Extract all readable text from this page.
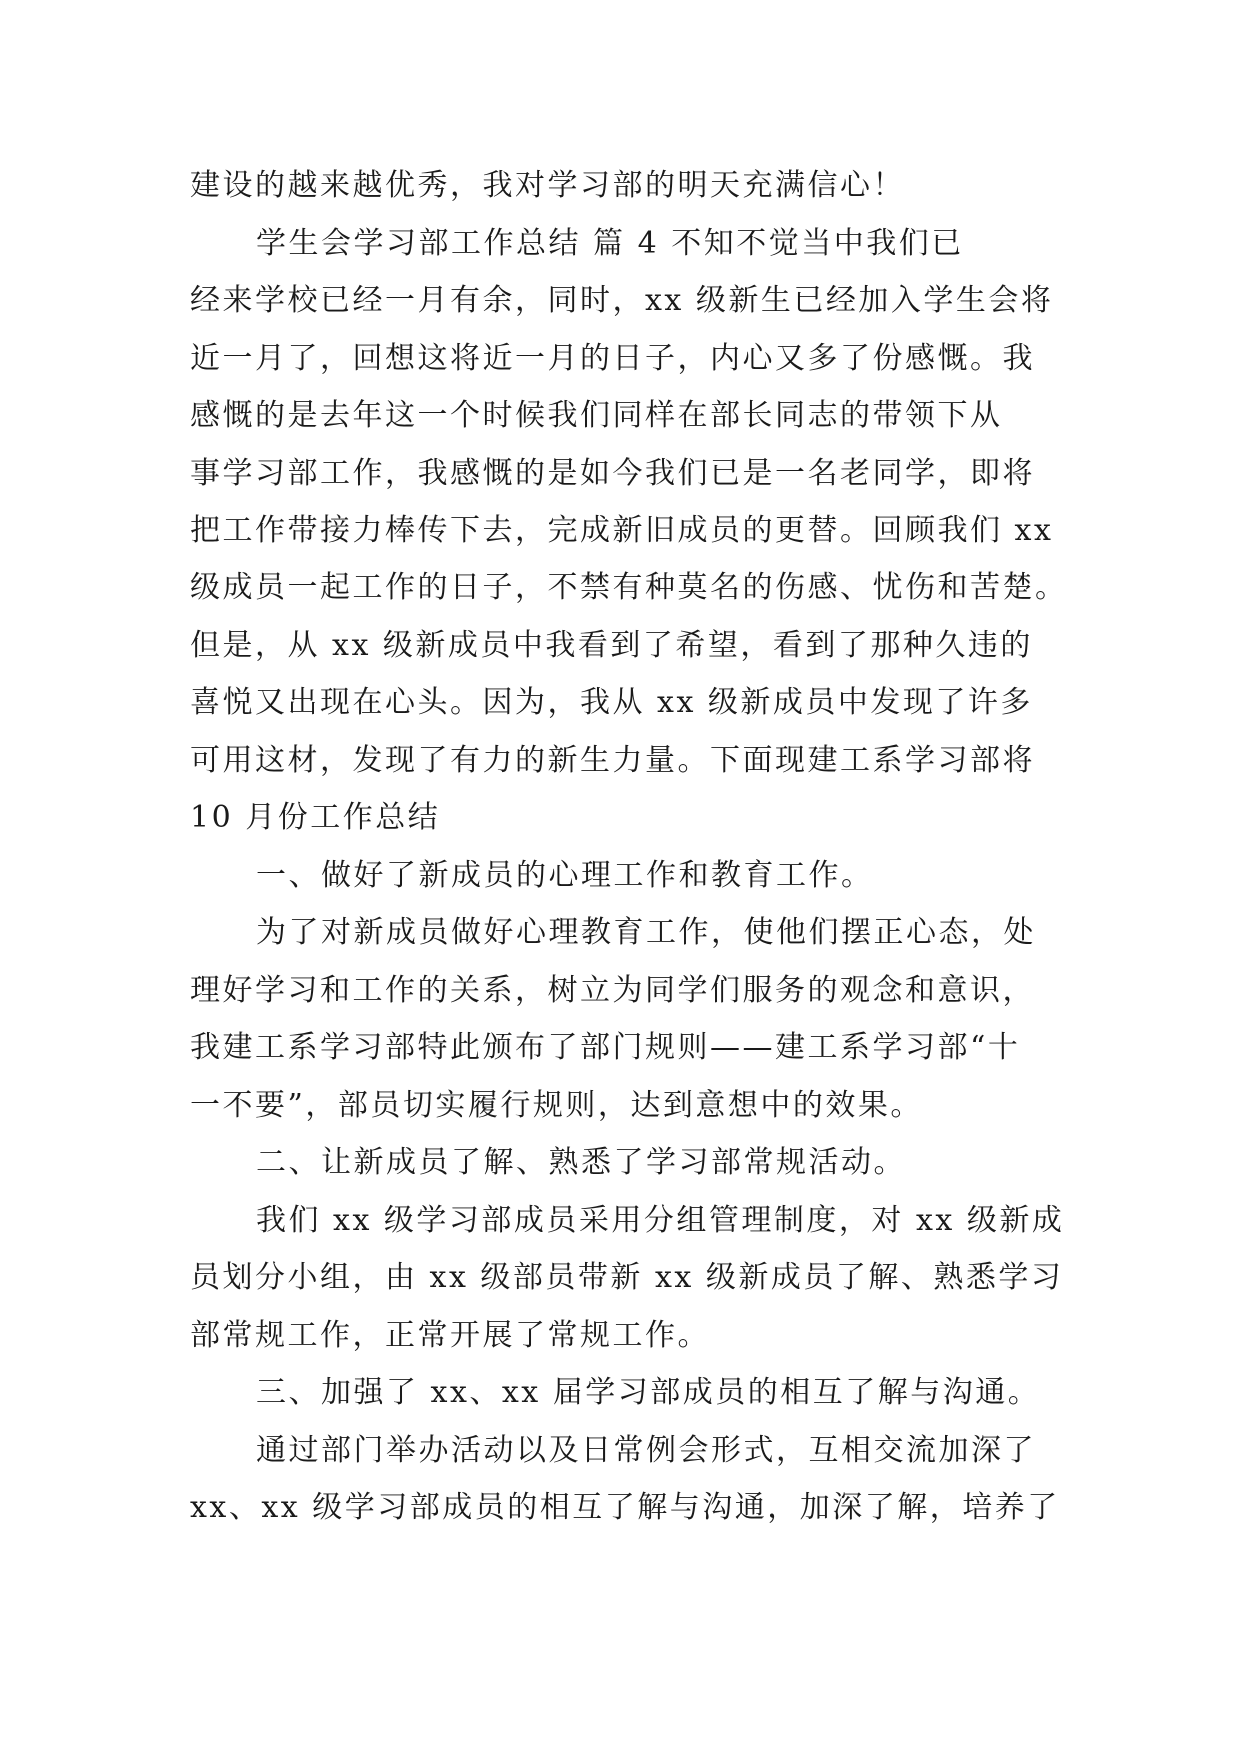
建设的越来越优秀，我对学习部的明天充满信心！

学生会学习部工作总结 篇 4 不知不觉当中我们已

经来学校已经一月有余，同时，xx 级新生已经加入学生会将

近一月了，回想这将近一月的日子，内心又多了份感慨。我

感慨的是去年这一个时候我们同样在部长同志的带领下从

事学习部工作，我感慨的是如今我们已是一名老同学，即将

把工作带接力棒传下去，完成新旧成员的更替。回顾我们 xx

级成员一起工作的日子，不禁有种莫名的伤感、忧伤和苦楚。

但是，从 xx 级新成员中我看到了希望，看到了那种久违的

喜悦又出现在心头。因为，我从 xx 级新成员中发现了许多

可用这材，发现了有力的新生力量。下面现建工系学习部将

10 月份工作总结

一、做好了新成员的心理工作和教育工作。

为了对新成员做好心理教育工作，使他们摆正心态，处

理好学习和工作的关系，树立为同学们服务的观念和意识，

我建工系学习部特此颁布了部门规则——建工系学习部“十

一不要”，部员切实履行规则，达到意想中的效果。

二、让新成员了解、熟悉了学习部常规活动。

我们 xx 级学习部成员采用分组管理制度，对 xx 级新成

员划分小组，由 xx 级部员带新 xx 级新成员了解、熟悉学习

部常规工作，正常开展了常规工作。

三、加强了 xx、xx 届学习部成员的相互了解与沟通。

通过部门举办活动以及日常例会形式，互相交流加深了

xx、xx 级学习部成员的相互了解与沟通，加深了解，培养了
